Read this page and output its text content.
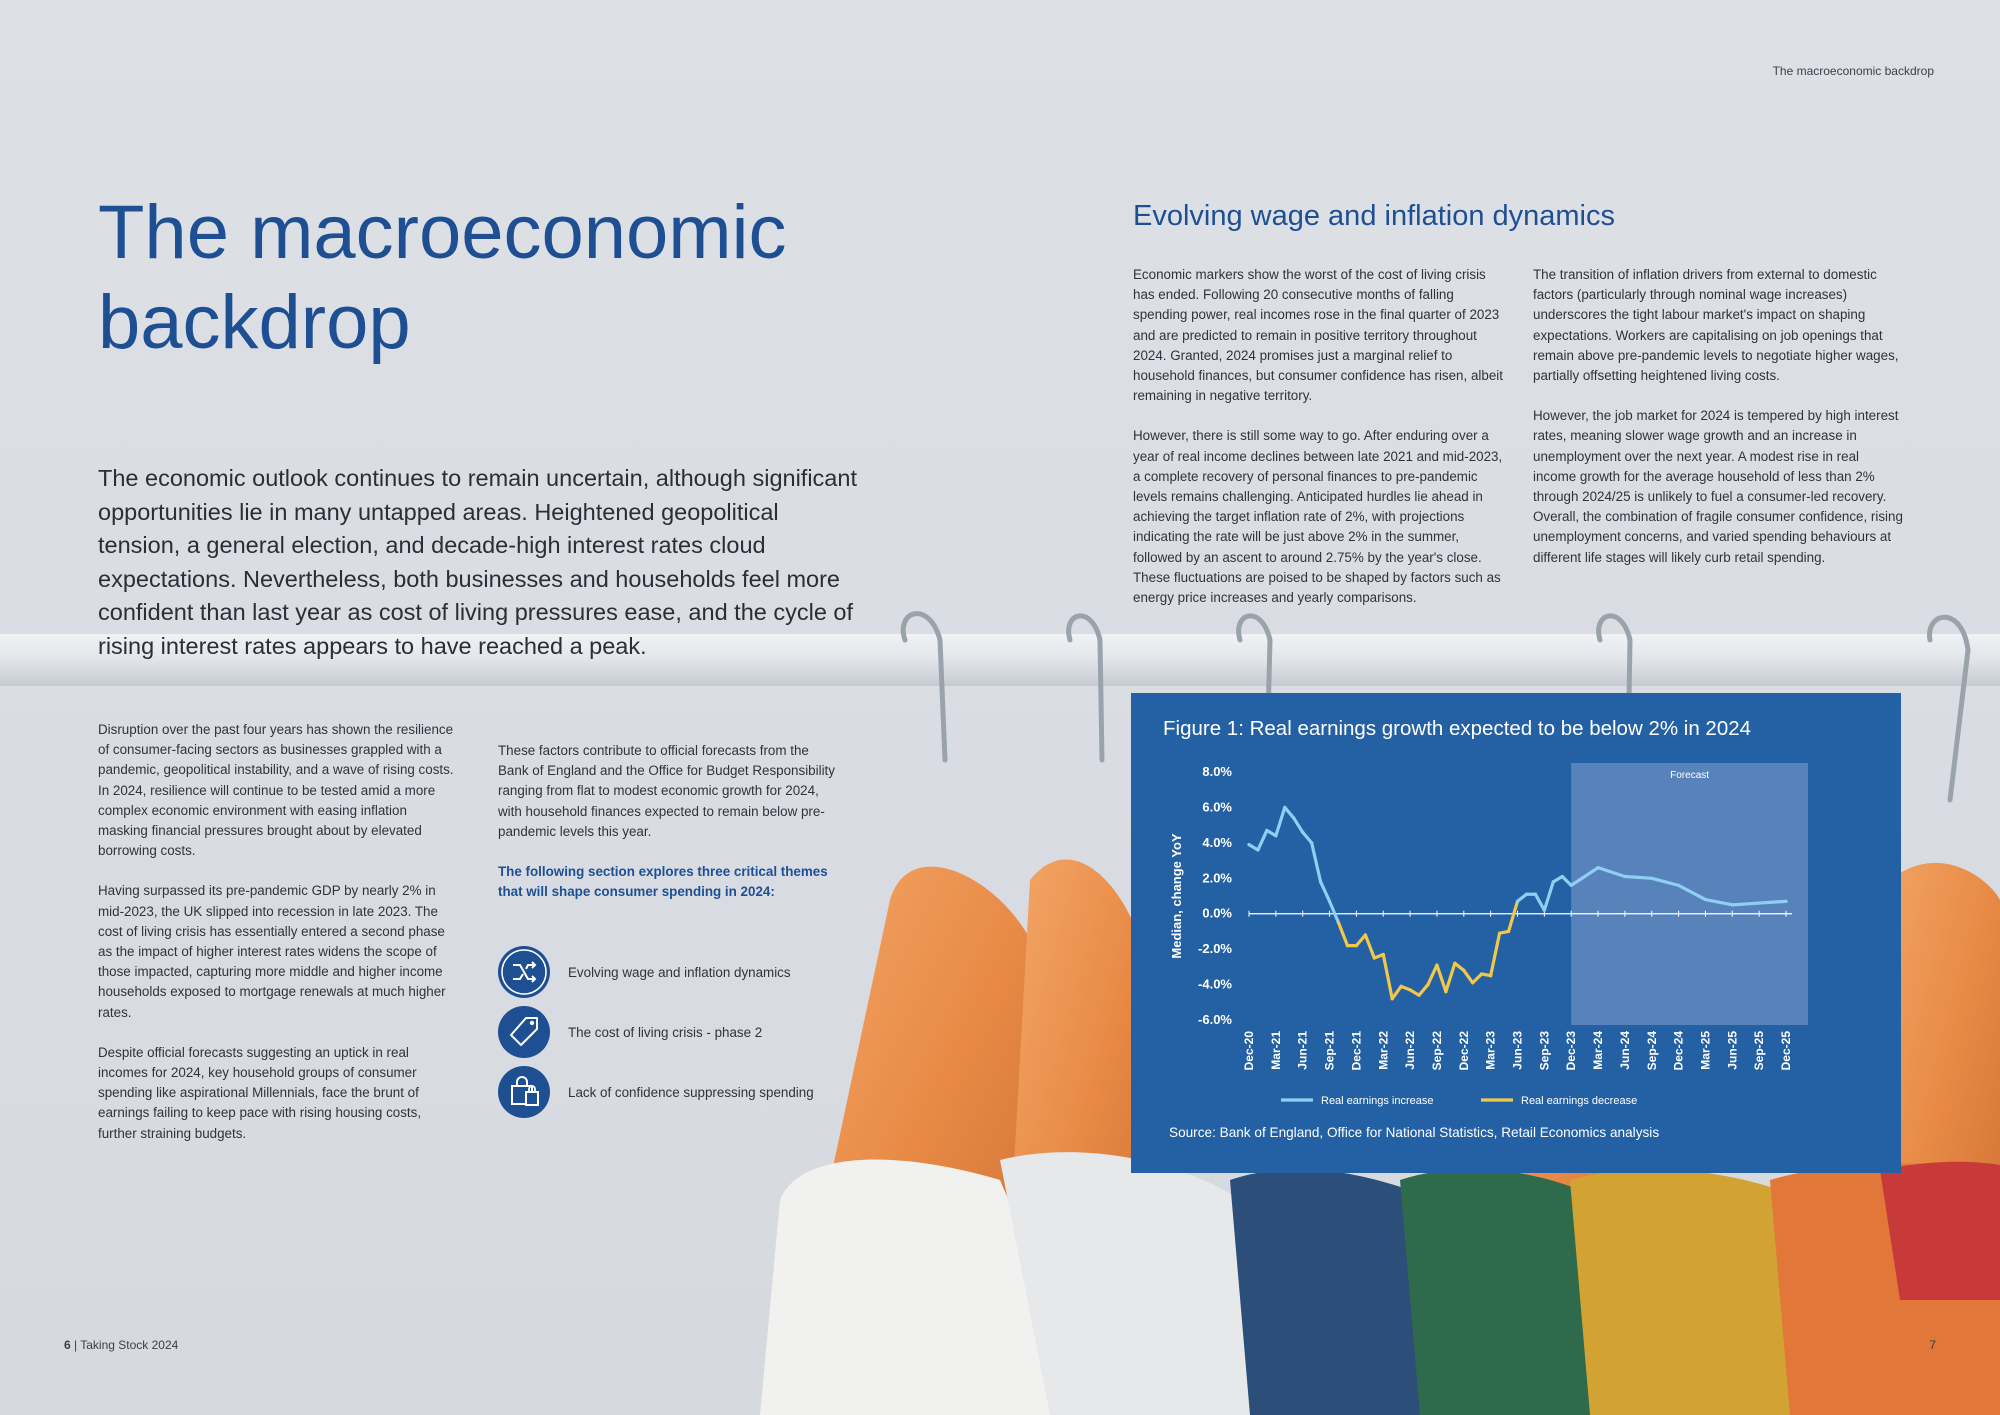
The macroeconomic backdrop
The macroeconomic
backdrop

The economic outlook continues to remain uncertain, although significant opportunities lie in many untapped areas. Heightened geopolitical tension, a general election, and decade-high interest rates cloud expectations. Nevertheless, both businesses and households feel more confident than last year as cost of living pressures ease, and the cycle of rising interest rates appears to have reached a peak.

Disruption over the past four years has shown the resilience of consumer-facing sectors as businesses grappled with a pandemic, geopolitical instability, and a wave of rising costs. In 2024, resilience will continue to be tested amid a more complex economic environment with easing inflation masking financial pressures brought about by elevated borrowing costs.

Having surpassed its pre-pandemic GDP by nearly 2% in mid-2023, the UK slipped into recession in late 2023. The cost of living crisis has essentially entered a second phase as the impact of higher interest rates widens the scope of those impacted, capturing more middle and higher income households exposed to mortgage renewals at much higher rates.

Despite official forecasts suggesting an uptick in real incomes for 2024, key household groups of consumer spending like aspirational Millennials, face the brunt of earnings failing to keep pace with rising housing costs, further straining budgets.

These factors contribute to official forecasts from the Bank of England and the Office for Budget Responsibility ranging from flat to modest economic growth for 2024, with household finances expected to remain below pre-pandemic levels this year.

The following section explores three critical themes that will shape consumer spending in 2024:

Evolving wage and inflation dynamics
The cost of living crisis - phase 2
Lack of confidence suppressing spending
Evolving wage and inflation dynamics

Economic markers show the worst of the cost of living crisis has ended. Following 20 consecutive months of falling spending power, real incomes rose in the final quarter of 2023 and are predicted to remain in positive territory throughout 2024. Granted, 2024 promises just a marginal relief to household finances, but consumer confidence has risen, albeit remaining in negative territory.

However, there is still some way to go. After enduring over a year of real income declines between late 2021 and mid-2023, a complete recovery of personal finances to pre-pandemic levels remains challenging. Anticipated hurdles lie ahead in achieving the target inflation rate of 2%, with projections indicating the rate will be just above 2% in the summer, followed by an ascent to around 2.75% by the year's close. These fluctuations are poised to be shaped by factors such as energy price increases and yearly comparisons.

The transition of inflation drivers from external to domestic factors (particularly through nominal wage increases) underscores the tight labour market's impact on shaping expectations. Workers are capitalising on job openings that remain above pre-pandemic levels to negotiate higher wages, partially offsetting heightened living costs.

However, the job market for 2024 is tempered by high interest rates, meaning slower wage growth and an increase in unemployment over the next year. A modest rise in real income growth for the average household of less than 2% through 2024/25 is unlikely to fuel a consumer-led recovery. Overall, the combination of fragile consumer confidence, rising unemployment concerns, and varied spending behaviours at different life stages will likely curb retail spending.

Figure 1: Real earnings growth expected to be below 2% in 2024
Forecast
8.0%
6.0%
4.0%
2.0%
0.0%
-2.0%
-4.0%
-6.0%
Median, change YoY
Dec-20 Mar-21 Jun-21 Sep-21 Dec-21 Mar-22 Jun-22 Sep-22 Dec-22 Mar-23 Jun-23 Sep-23 Dec-23 Mar-24 Jun-24 Sep-24 Dec-24 Mar-25 Jun-25 Sep-25 Dec-25
Real earnings increase	Real earnings decrease
Source: Bank of England, Office for National Statistics, Retail Economics analysis
6 | Taking Stock 2024	7
